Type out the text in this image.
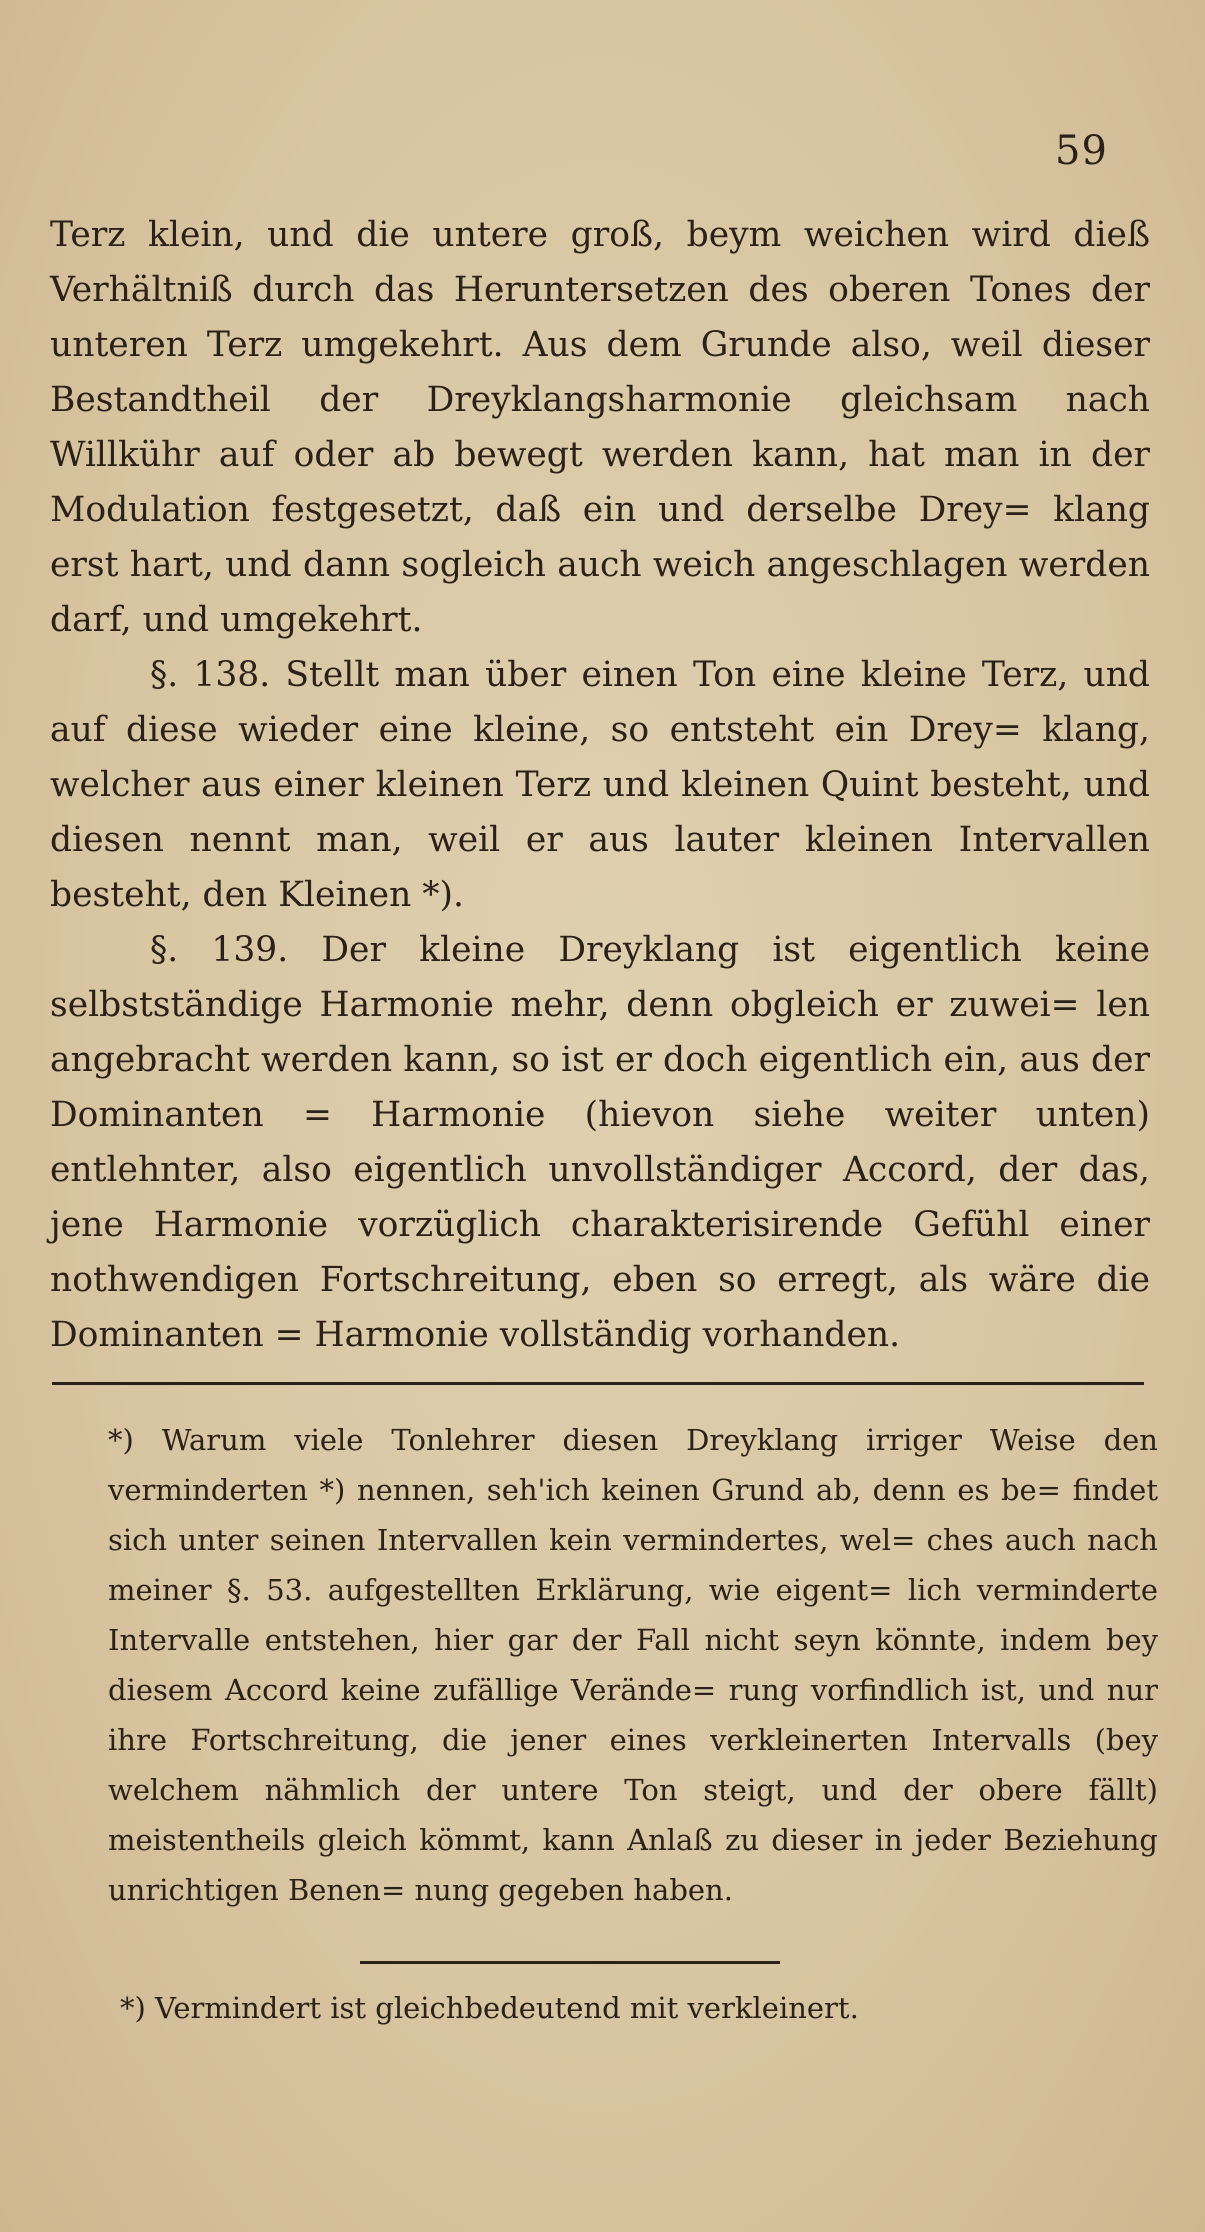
59

Terz klein, und die untere groß, beym weichen wird dieß Verhältniß durch das Heruntersetzen des oberen Tones der unteren Terz umgekehrt. Aus dem Grunde also, weil dieser Bestandtheil der Dreyklangsharmonie gleichsam nach Willkühr auf oder ab bewegt werden kann, hat man in der Modulation festgesetzt, daß ein und derselbe Drey= klang erst hart, und dann sogleich auch weich angeschlagen werden darf, und umgekehrt.

§. 138. Stellt man über einen Ton eine kleine Terz, und auf diese wieder eine kleine, so entsteht ein Drey= klang, welcher aus einer kleinen Terz und kleinen Quint besteht, und diesen nennt man, weil er aus lauter kleinen Intervallen besteht, den Kleinen *).

§. 139. Der kleine Dreyklang ist eigentlich keine selbstständige Harmonie mehr, denn obgleich er zuwei= len angebracht werden kann, so ist er doch eigentlich ein, aus der Dominanten = Harmonie (hievon siehe weiter unten) entlehnter, also eigentlich unvollständiger Accord, der das, jene Harmonie vorzüglich charakterisirende Gefühl einer nothwendigen Fortschreitung, eben so erregt, als wäre die Dominanten = Harmonie vollständig vorhanden.

*) Warum viele Tonlehrer diesen Dreyklang irriger Weise den verminderten *) nennen, seh'ich keinen Grund ab, denn es be= findet sich unter seinen Intervallen kein vermindertes, wel= ches auch nach meiner §. 53. aufgestellten Erklärung, wie eigent= lich verminderte Intervalle entstehen, hier gar der Fall nicht seyn könnte, indem bey diesem Accord keine zufällige Verände= rung vorfindlich ist, und nur ihre Fortschreitung, die jener eines verkleinerten Intervalls (bey welchem nähmlich der untere Ton steigt, und der obere fällt) meistentheils gleich kömmt, kann Anlaß zu dieser in jeder Beziehung unrichtigen Benen= nung gegeben haben.

*) Vermindert ist gleichbedeutend mit verkleinert.
